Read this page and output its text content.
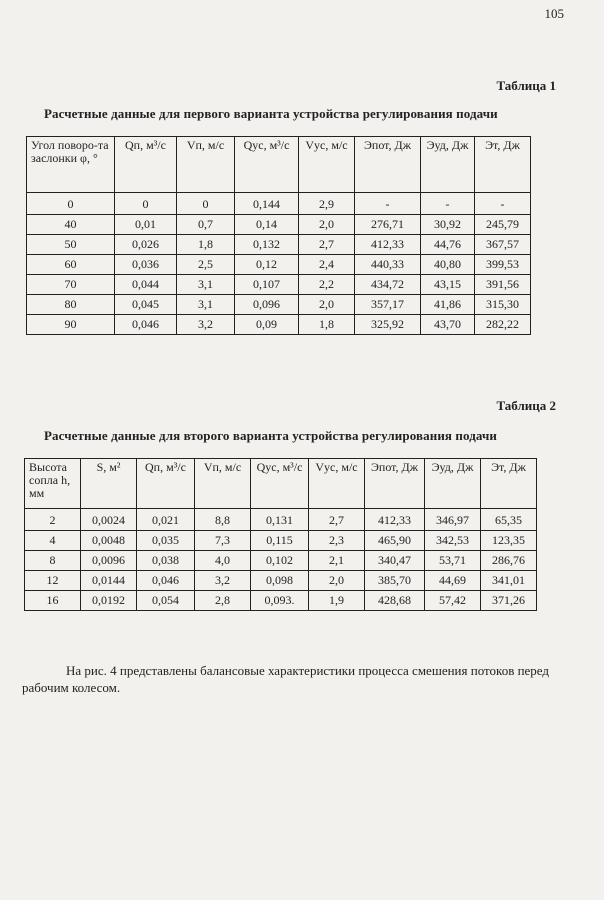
105
Таблица 1
Расчетные данные для первого варианта устройства регулирования подачи
Угол поворо-та заслонки φ, °	Qп, м³/с	Vп, м/с	Qус, м³/с	Vус, м/с	Эпот, Дж	Эуд, Дж	Эт, Дж
0	0	0	0,144	2,9	-	-	-
40	0,01	0,7	0,14	2,0	276,71	30,92	245,79
50	0,026	1,8	0,132	2,7	412,33	44,76	367,57
60	0,036	2,5	0,12	2,4	440,33	40,80	399,53
70	0,044	3,1	0,107	2,2	434,72	43,15	391,56
80	0,045	3,1	0,096	2,0	357,17	41,86	315,30
90	0,046	3,2	0,09	1,8	325,92	43,70	282,22
Таблица 2
Расчетные данные для второго варианта устройства регулирования подачи
Высота сопла h, мм	S, м²	Qп, м³/с	Vп, м/с	Qус, м³/с	Vус, м/с	Эпот, Дж	Эуд, Дж	Эт, Дж
2	0,0024	0,021	8,8	0,131	2,7	412,33	346,97	65,35
4	0,0048	0,035	7,3	0,115	2,3	465,90	342,53	123,35
8	0,0096	0,038	4,0	0,102	2,1	340,47	53,71	286,76
12	0,0144	0,046	3,2	0,098	2,0	385,70	44,69	341,01
16	0,0192	0,054	2,8	0,093.	1,9	428,68	57,42	371,26
На рис. 4 представлены балансовые характеристики процесса смешения потоков перед рабочим колесом.
